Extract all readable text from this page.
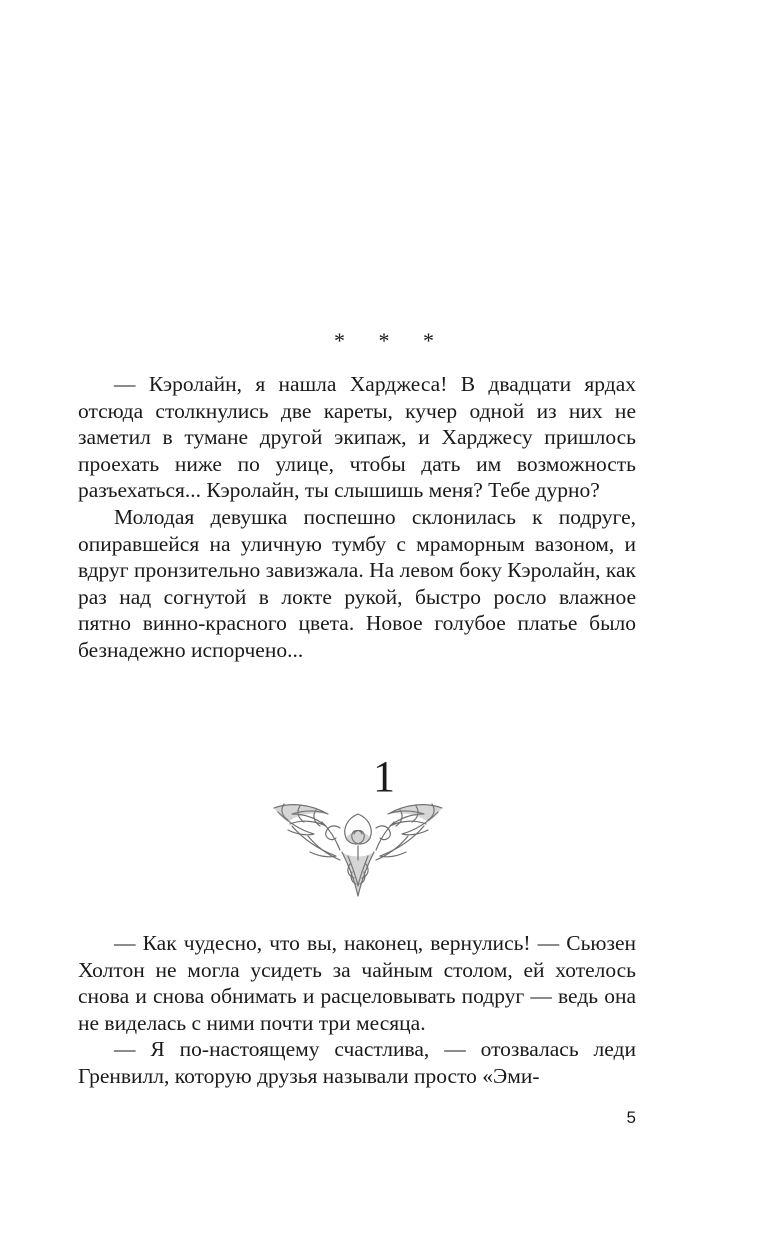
* * *

— Кэролайн, я нашла Харджеса! В двадцати ярдах отсюда столкнулись две кареты, кучер одной из них не заметил в тумане другой экипаж, и Харджесу пришлось проехать ниже по улице, чтобы дать им возможность разъехаться... Кэролайн, ты слышишь меня? Тебе дурно?

Молодая девушка поспешно склонилась к подруге, опиравшейся на уличную тумбу с мраморным вазоном, и вдруг пронзительно завизжала. На левом боку Кэролайн, как раз над согнутой в локте рукой, быстро росло влажное пятно винно-красного цвета. Новое голубое платье было безнадежно испорчено...

1

— Как чудесно, что вы, наконец, вернулись! — Сьюзен Холтон не могла усидеть за чайным столом, ей хотелось снова и снова обнимать и расцеловывать подруг — ведь она не виделась с ними почти три месяца.

— Я по-настоящему счастлива, — отозвалась леди Гренвилл, которую друзья называли просто «Эми-

5
